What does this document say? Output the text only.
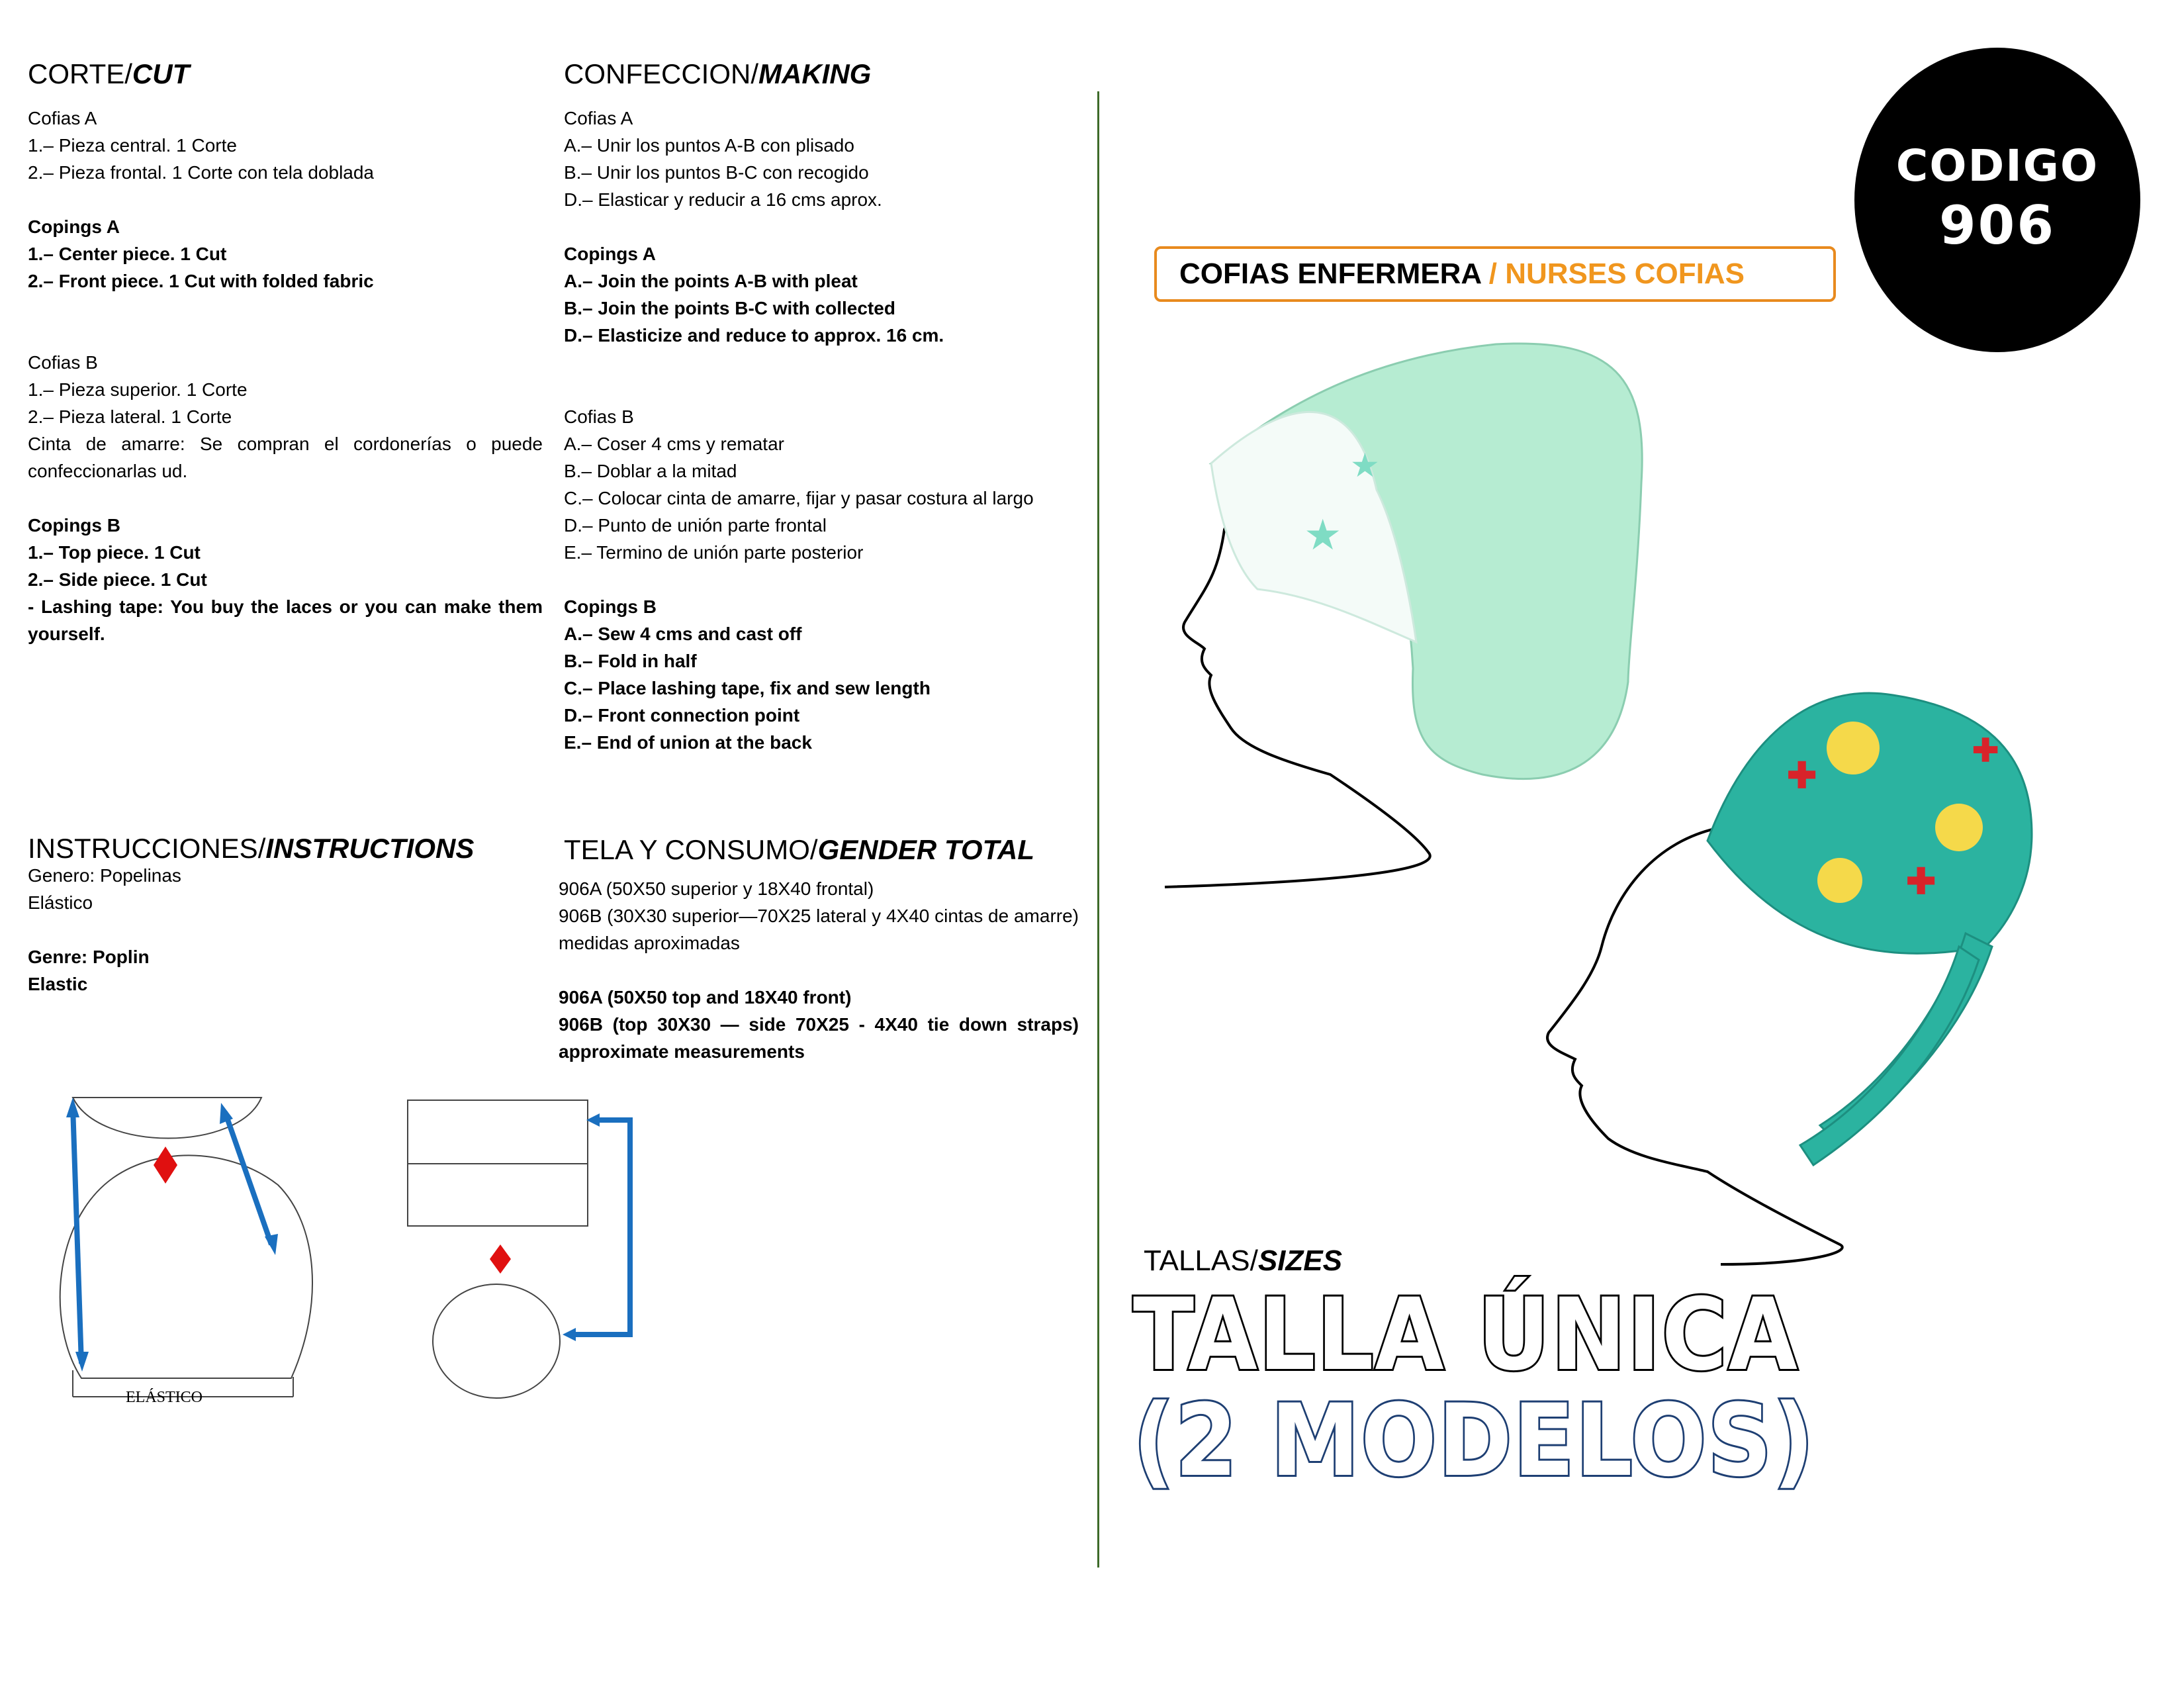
CORTE/CUT
Cofias A
1.– Pieza central. 1 Corte
2.– Pieza frontal. 1 Corte con tela doblada
Copings A
1.– Center piece. 1 Cut
2.– Front piece. 1 Cut with folded fabric
Cofias B
1.– Pieza superior. 1 Corte
2.– Pieza lateral. 1 Corte
Cinta de amarre: Se compran el cordonerías o puede confeccionarlas ud.
Copings B
1.– Top piece. 1 Cut
2.– Side piece. 1 Cut
- Lashing tape: You buy the laces or you can make them yourself.
CONFECCION/MAKING
Cofias A
A.– Unir los puntos A-B con plisado
B.– Unir los puntos B-C con recogido
D.– Elasticar y reducir a 16 cms aprox.
Copings A
A.– Join the points A-B with pleat
B.– Join the points B-C with collected
D.– Elasticize and reduce to approx. 16 cm.
Cofias B
A.– Coser 4 cms y rematar
B.– Doblar a la mitad
C.– Colocar cinta de amarre, fijar y pasar costura al largo
D.– Punto de unión parte frontal
E.– Termino de unión parte posterior
Copings B
A.– Sew 4 cms and cast off
B.– Fold in half
C.– Place lashing tape, fix and sew length
D.– Front connection point
E.– End of union at the back
INSTRUCCIONES/INSTRUCTIONS
Genero: Popelinas
Elástico
Genre: Poplin
Elastic
TELA Y CONSUMO/GENDER TOTAL
906A (50X50 superior y 18X40 frontal)
906B (30X30 superior—70X25 lateral y 4X40 cintas de amarre) medidas aproximadas
906A (50X50 top and 18X40 front)
906B (top 30X30 — side 70X25 - 4X40 tie down straps) approximate measurements
ELÁSTICO
CODIGO
906
COFIAS ENFERMERA / NURSES COFIAS
★
★
✚
✚
✚
TALLAS/SIZES
TALLA ÚNICA
(2 MODELOS)
